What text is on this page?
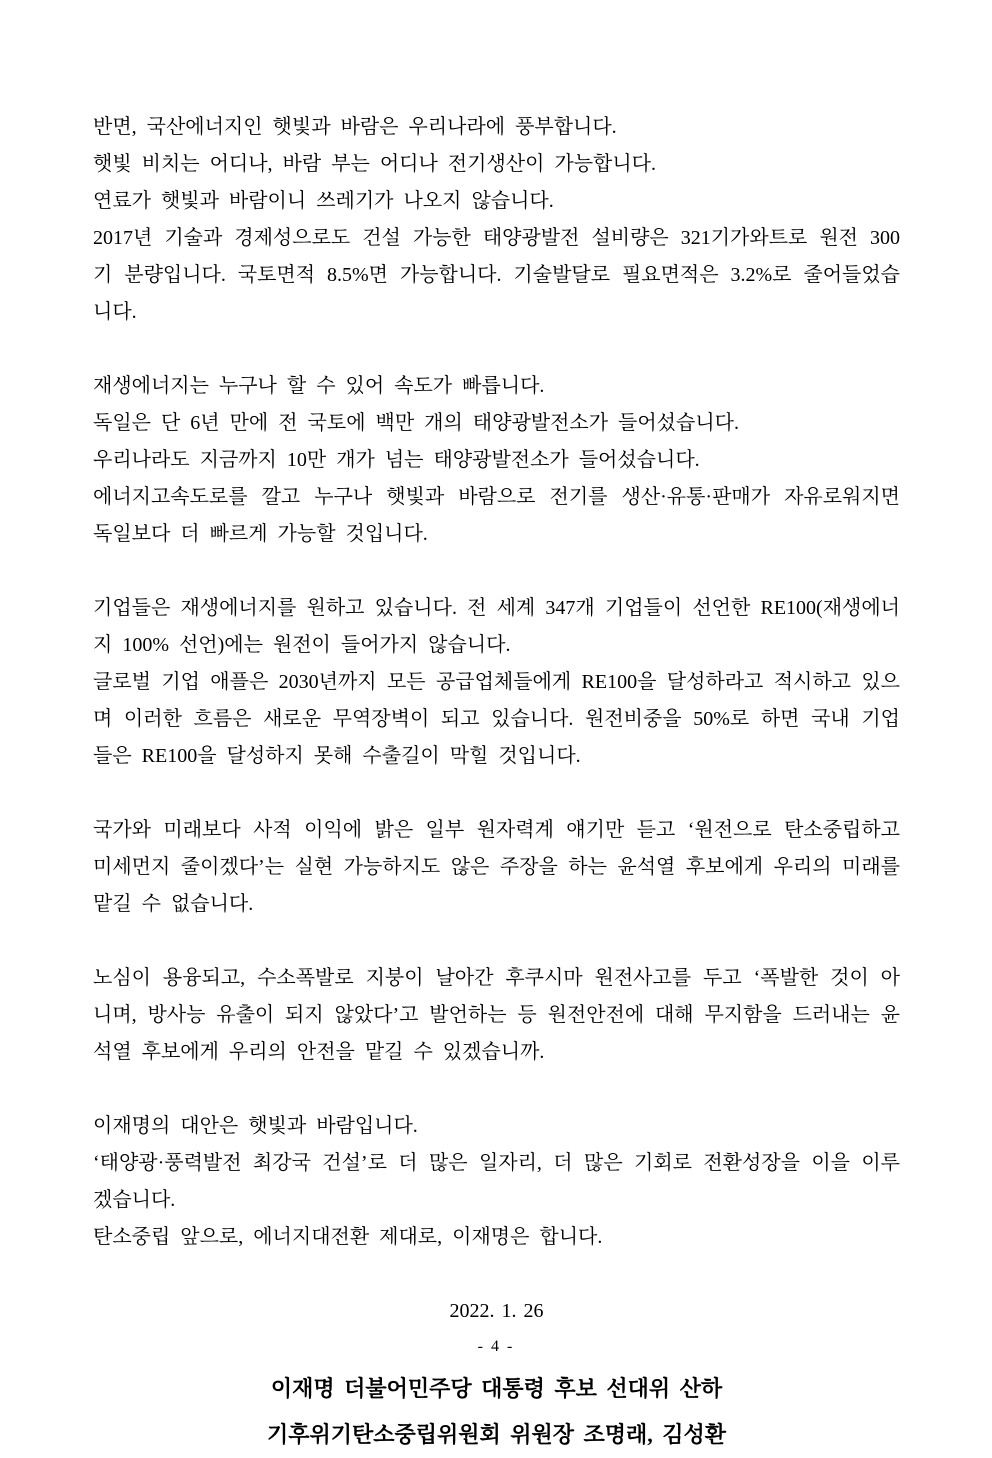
반면, 국산에너지인 햇빛과 바람은 우리나라에 풍부합니다.

햇빛 비치는 어디나, 바람 부는 어디나 전기생산이 가능합니다.

연료가 햇빛과 바람이니 쓰레기가 나오지 않습니다.

2017년 기술과 경제성으로도 건설 가능한 태양광발전 설비량은 321기가와트로 원전 300기 분량입니다. 국토면적 8.5%면 가능합니다. 기술발달로 필요면적은 3.2%로 줄어들었습니다.

재생에너지는 누구나 할 수 있어 속도가 빠릅니다.

독일은 단 6년 만에 전 국토에 백만 개의 태양광발전소가 들어섰습니다.

우리나라도 지금까지 10만 개가 넘는 태양광발전소가 들어섰습니다.

에너지고속도로를 깔고 누구나 햇빛과 바람으로 전기를 생산·유통·판매가 자유로워지면 독일보다 더 빠르게 가능할 것입니다.

기업들은 재생에너지를 원하고 있습니다. 전 세계 347개 기업들이 선언한 RE100(재생에너지 100% 선언)에는 원전이 들어가지 않습니다.

글로벌 기업 애플은 2030년까지 모든 공급업체들에게 RE100을 달성하라고 적시하고 있으며 이러한 흐름은 새로운 무역장벽이 되고 있습니다. 원전비중을 50%로 하면 국내 기업들은 RE100을 달성하지 못해 수출길이 막힐 것입니다.

국가와 미래보다 사적 이익에 밝은 일부 원자력계 얘기만 듣고 ‘원전으로 탄소중립하고 미세먼지 줄이겠다’는 실현 가능하지도 않은 주장을 하는 윤석열 후보에게 우리의 미래를 맡길 수 없습니다.

노심이 용융되고, 수소폭발로 지붕이 날아간 후쿠시마 원전사고를 두고 ‘폭발한 것이 아니며, 방사능 유출이 되지 않았다’고 발언하는 등 원전안전에 대해 무지함을 드러내는 윤석열 후보에게 우리의 안전을 맡길 수 있겠습니까.

이재명의 대안은 햇빛과 바람입니다.

‘태양광·풍력발전 최강국 건설’로 더 많은 일자리, 더 많은 기회로 전환성장을 이을 이루겠습니다.

탄소중립 앞으로, 에너지대전환 제대로, 이재명은 합니다.

2022. 1. 26

이재명 더불어민주당 대통령 후보 선대위 산하

기후위기탄소중립위원회 위원장 조명래, 김성환

- 4 -
